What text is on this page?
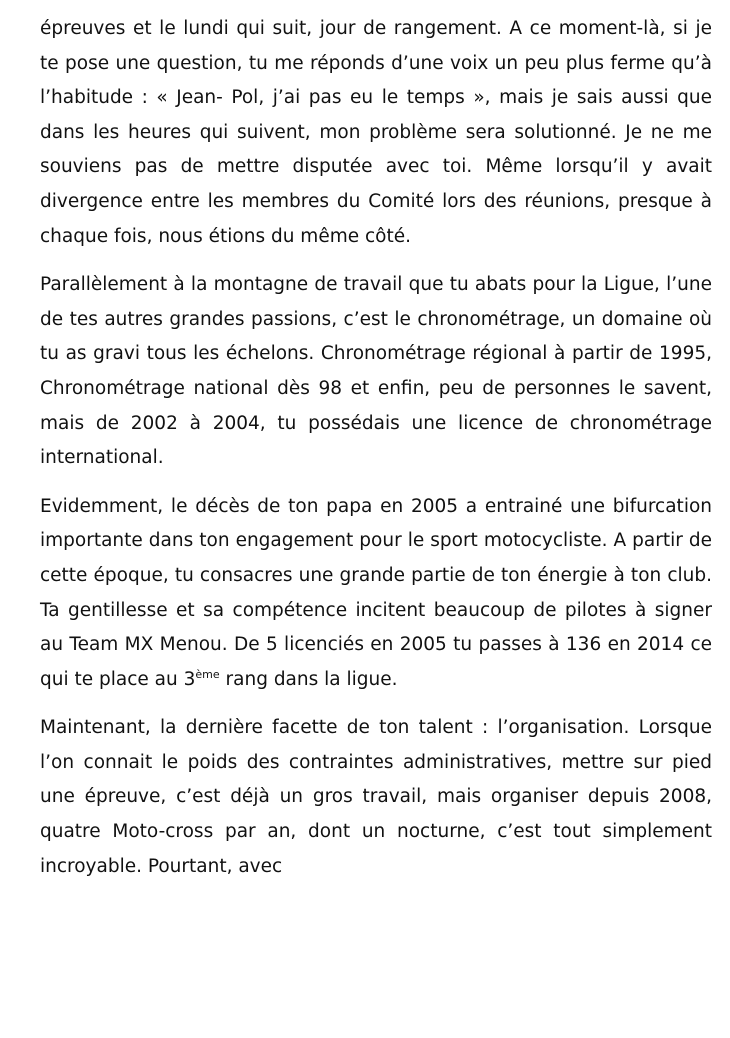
épreuves et le lundi qui suit, jour de rangement. A ce moment-là, si je te pose une question, tu me réponds d’une voix un peu plus ferme qu’à l’habitude : « Jean- Pol, j’ai pas eu le temps », mais je sais aussi que dans les heures qui suivent, mon problème sera solutionné. Je ne me souviens pas de mettre disputée avec toi. Même lorsqu’il y avait divergence entre les membres du Comité lors des réunions, presque à chaque fois, nous étions du même côté.

Parallèlement à la montagne de travail que tu abats pour la Ligue, l’une de tes autres grandes passions, c’est le chronométrage, un domaine où tu as gravi tous les échelons. Chronométrage régional à partir de 1995, Chronométrage national dès 98 et enfin, peu de personnes le savent, mais de 2002 à 2004, tu possédais une licence de chronométrage international.

Evidemment, le décès de ton papa en 2005 a entrainé une bifurcation importante dans ton engagement pour le sport motocycliste. A partir de cette époque, tu consacres une grande partie de ton énergie à ton club. Ta gentillesse et sa compétence incitent beaucoup de pilotes à signer au Team MX Menou. De 5 licenciés en 2005 tu passes à 136 en 2014 ce qui te place au 3ème rang dans la ligue.

Maintenant, la dernière facette de ton talent : l’organisation. Lorsque l’on connait le poids des contraintes administratives, mettre sur pied une épreuve, c’est déjà un gros travail, mais organiser depuis 2008, quatre Moto-cross par an, dont un nocturne, c’est tout simplement incroyable. Pourtant, avec
